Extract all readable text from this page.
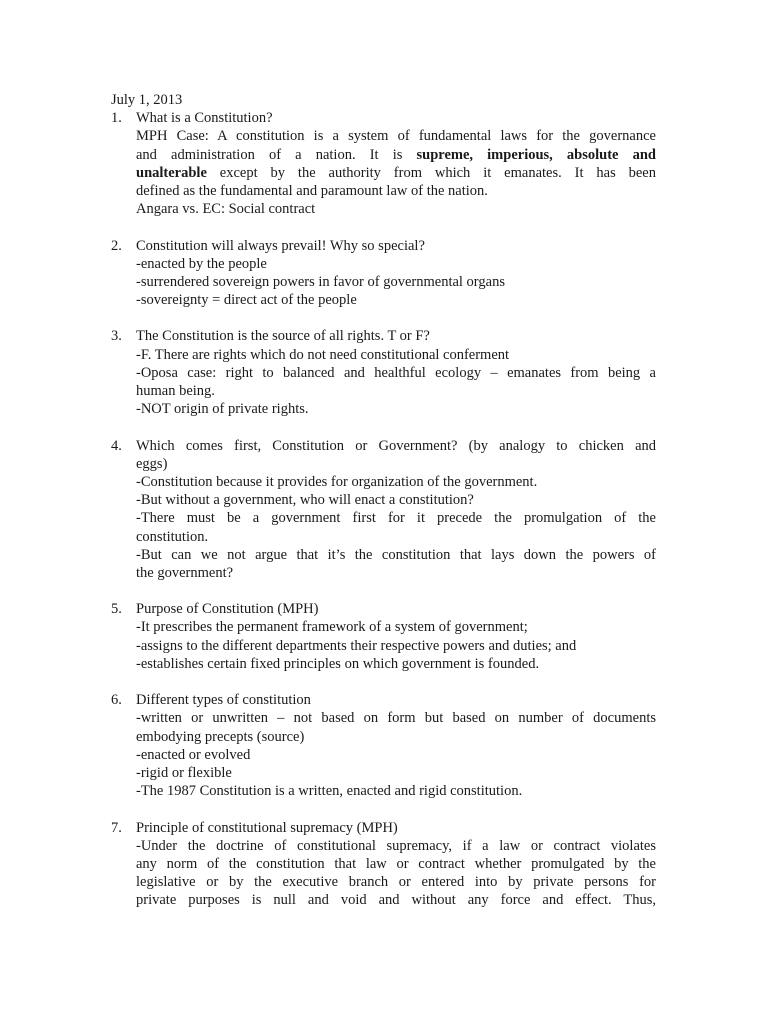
July 1, 2013
1. What is a Constitution?
MPH Case: A constitution is a system of fundamental laws for the governance
and administration of a nation. It is supreme, imperious, absolute and
unalterable except by the authority from which it emanates. It has been
defined as the fundamental and paramount law of the nation.
Angara vs. EC: Social contract
2. Constitution will always prevail! Why so special?
-enacted by the people
-surrendered sovereign powers in favor of governmental organs
-sovereignty = direct act of the people
3. The Constitution is the source of all rights. T or F?
-F. There are rights which do not need constitutional conferment
-Oposa case: right to balanced and healthful ecology – emanates from being a
human being.
-NOT origin of private rights.
4. Which comes first, Constitution or Government? (by analogy to chicken and
eggs)
-Constitution because it provides for organization of the government.
-But without a government, who will enact a constitution?
-There must be a government first for it precede the promulgation of the
constitution.
-But can we not argue that it’s the constitution that lays down the powers of
the government?
5. Purpose of Constitution (MPH)
-It prescribes the permanent framework of a system of government;
-assigns to the different departments their respective powers and duties; and
-establishes certain fixed principles on which government is founded.
6. Different types of constitution
-written or unwritten – not based on form but based on number of documents
embodying precepts (source)
-enacted or evolved
-rigid or flexible
-The 1987 Constitution is a written, enacted and rigid constitution.
7. Principle of constitutional supremacy (MPH)
-Under the doctrine of constitutional supremacy, if a law or contract violates
any norm of the constitution that law or contract whether promulgated by the
legislative or by the executive branch or entered into by private persons for
private purposes is null and void and without any force and effect. Thus,
